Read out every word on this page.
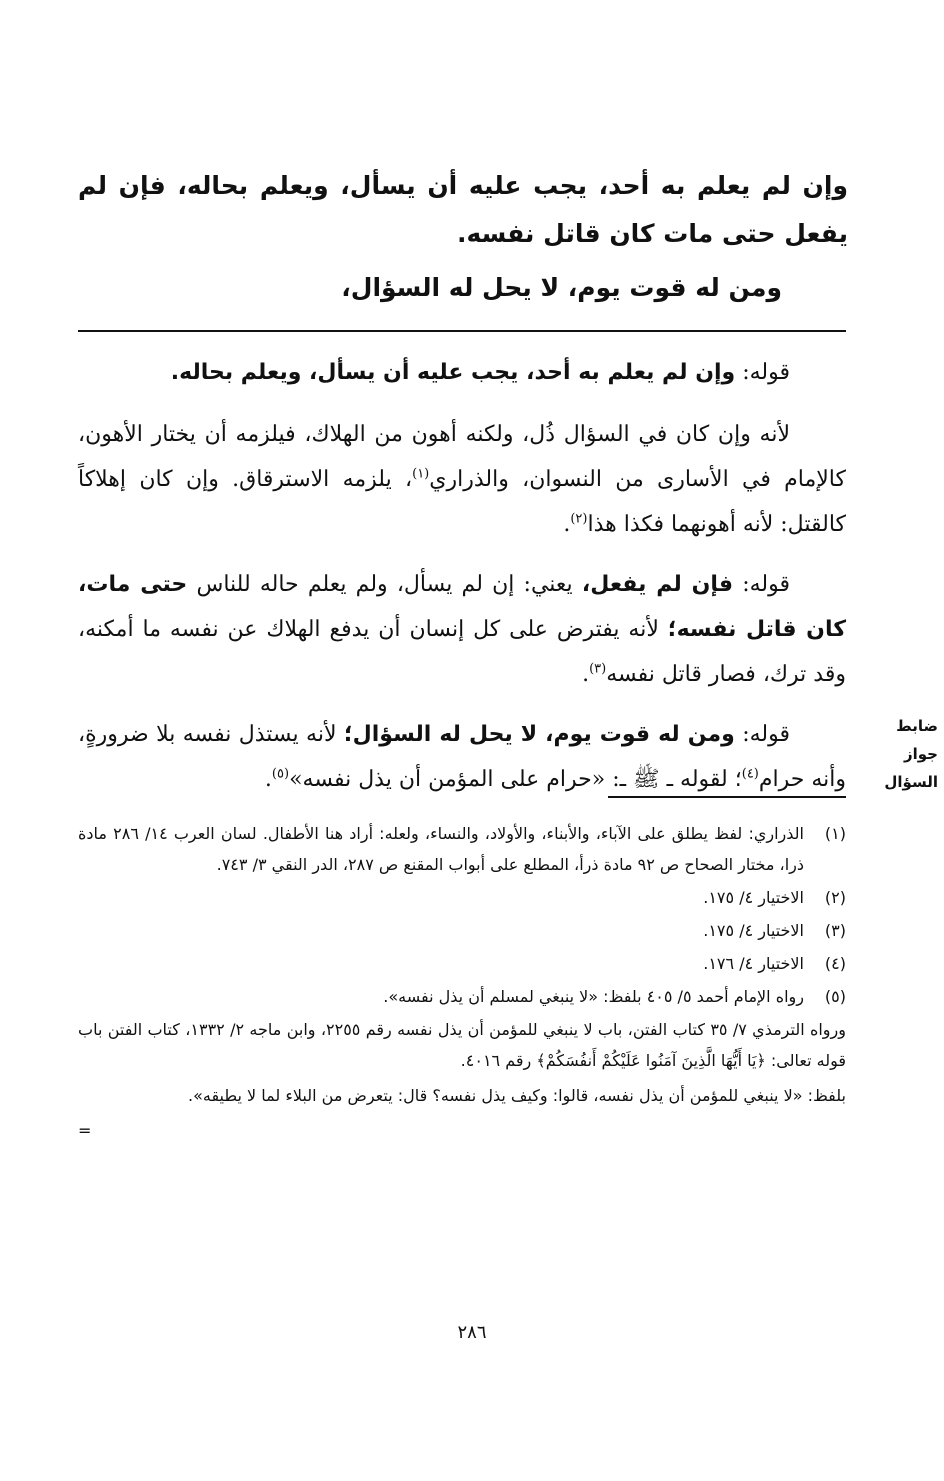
وإن لم يعلم به أحد، يجب عليه أن يسأل، ويعلم بحاله، فإن لم يفعل حتى مات كان قاتل نفسه.
ومن له قوت يوم، لا يحل له السؤال،
قوله: وإن لم يعلم به أحد، يجب عليه أن يسأل، ويعلم بحاله.
لأنه وإن كان في السؤال ذُل، ولكنه أهون من الهلاك، فيلزمه أن يختار الأهون، كالإمام في الأسارى من النسوان، والذراري$^{(١)}$، يلزمه الاسترقاق. وإن كان إهلاكاً كالقتل: لأنه أهونهما فكذا هذا$^{(٢)}$.
قوله: فإن لم يفعل، يعني: إن لم يسأل، ولم يعلم حاله للناس حتى مات، كان قاتل نفسه؛ لأنه يفترض على كل إنسان أن يدفع الهلاك عن نفسه ما أمكنه، وقد ترك، فصار قاتل نفسه$^{(٣)}$.
قوله: ومن له قوت يوم، لا يحل له السؤال؛ لأنه يستذل نفسه بلا ضرورةٍ، وأنه حرام$^{(٤)}$؛ لقوله ـ ﷺ ـ: «حرام على المؤمن أن يذل نفسه»$^{(٥)}$.
ضابط
جواز
السؤال
(١)
الذراري: لفظ يطلق على الآباء، والأبناء، والأولاد، والنساء، ولعله: أراد هنا الأطفال. لسان العرب ١٤/ ٢٨٦ مادة ذرا، مختار الصحاح ص ٩٢ مادة ذرأ، المطلع على أبواب المقنع ص ٢٨٧، الدر النقي ٣/ ٧٤٣.
(٢)
الاختيار ٤/ ١٧٥.
(٣)
الاختيار ٤/ ١٧٥.
(٤)
الاختيار ٤/ ١٧٦.
(٥)
رواه الإمام أحمد ٥/ ٤٠٥ بلفظ: «لا ينبغي لمسلم أن يذل نفسه».
ورواه الترمذي ٧/ ٣٥ كتاب الفتن، باب لا ينبغي للمؤمن أن يذل نفسه رقم ٢٢٥٥، وابن ماجه ٢/ ١٣٣٢، كتاب الفتن باب قوله تعالى: ﴿يَا أَيُّهَا الَّذِينَ آمَنُوا عَلَيْكُمْ أَنفُسَكُمْ﴾ رقم ٤٠١٦.
بلفظ: «لا ينبغي للمؤمن أن يذل نفسه، قالوا: وكيف يذل نفسه؟ قال: يتعرض من البلاء لما لا يطيقه».
=
٢٨٦
